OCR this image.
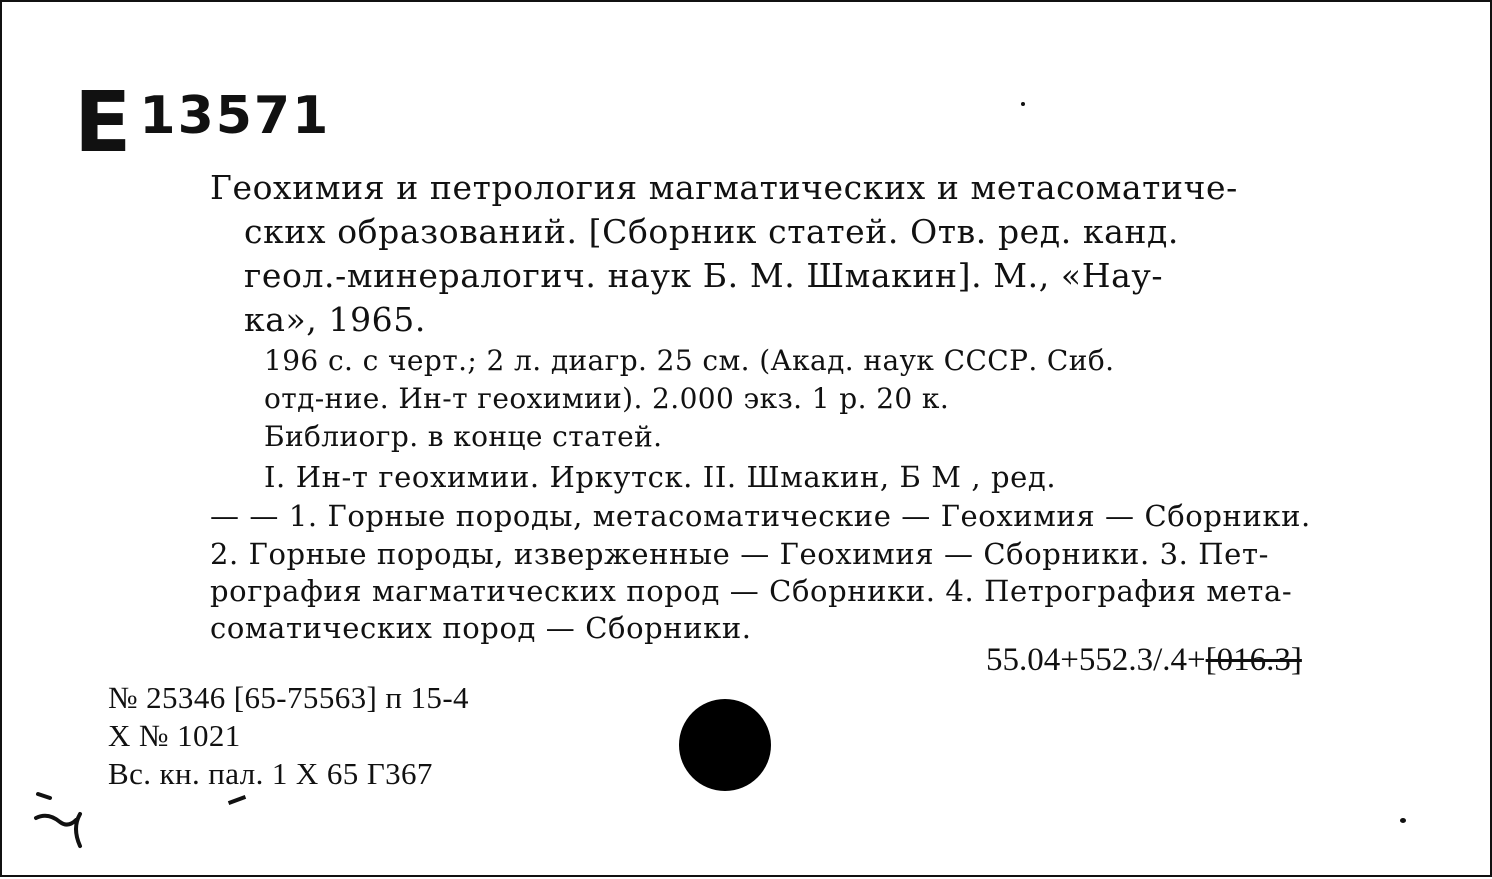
Е 13571
Геохимия и петрология магматических и метасоматиче-
ских образований. [Сборник статей. Отв. ред. канд.
геол.-минералогич. наук Б. М. Шмакин]. М., «Нау-
ка», 1965.
196 с. с черт.; 2 л. диагр. 25 см. (Акад. наук СССР. Сиб.
отд-ние. Ин-т геохимии). 2.000 экз. 1 р. 20 к.
Библиогр. в конце статей.
I. Ин-т геохимии. Иркутск. II. Шмакин, Б М , ред.
— — 1. Горные породы, метасоматические — Геохимия — Сборники.
2. Горные породы, изверженные — Геохимия — Сборники. 3. Пет-
рография магматических пород — Сборники. 4. Петрография мета-
соматических пород — Сборники.
55.04+552.3/.4+[016.3]
№ 25346 [65-75563] п 15-4
Х № 1021
Вс. кн. пал. 1 Х 65 Г367
